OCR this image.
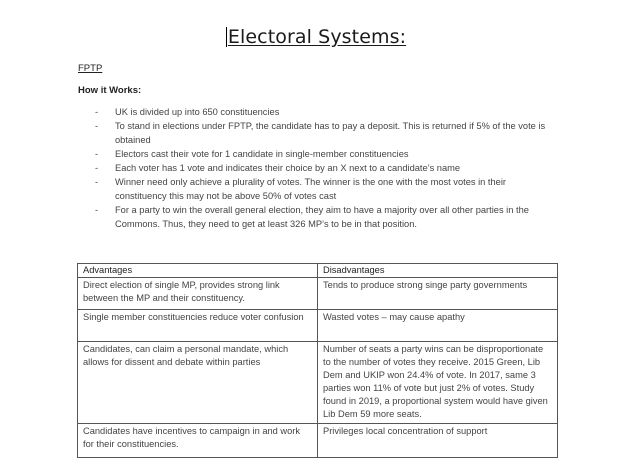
Electoral Systems:
FPTP
How it Works:
- UK is divided up into 650 constituencies
- To stand in elections under FPTP, the candidate has to pay a deposit. This is returned if 5% of the vote is obtained
- Electors cast their vote for 1 candidate in single-member constituencies
- Each voter has 1 vote and indicates their choice by an X next to a candidate’s name
- Winner need only achieve a plurality of votes. The winner is the one with the most votes in their constituency this may not be above 50% of votes cast
- For a party to win the overall general election, they aim to have a majority over all other parties in the Commons. Thus, they need to get at least 326 MP’s to be in that position.
Advantages	Disadvantages
Direct election of single MP, provides strong link between the MP and their constituency.	Tends to produce strong singe party governments
Single member constituencies reduce voter confusion	Wasted votes – may cause apathy
Candidates, can claim a personal mandate, which allows for dissent and debate within parties	Number of seats a party wins can be disproportionate to the number of votes they receive. 2015 Green, Lib Dem and UKIP won 24.4% of vote. In 2017, same 3 parties won 11% of vote but just 2% of votes. Study found in 2019, a proportional system would have given Lib Dem 59 more seats.
Candidates have incentives to campaign in and work for their constituencies.	Privileges local concentration of support
